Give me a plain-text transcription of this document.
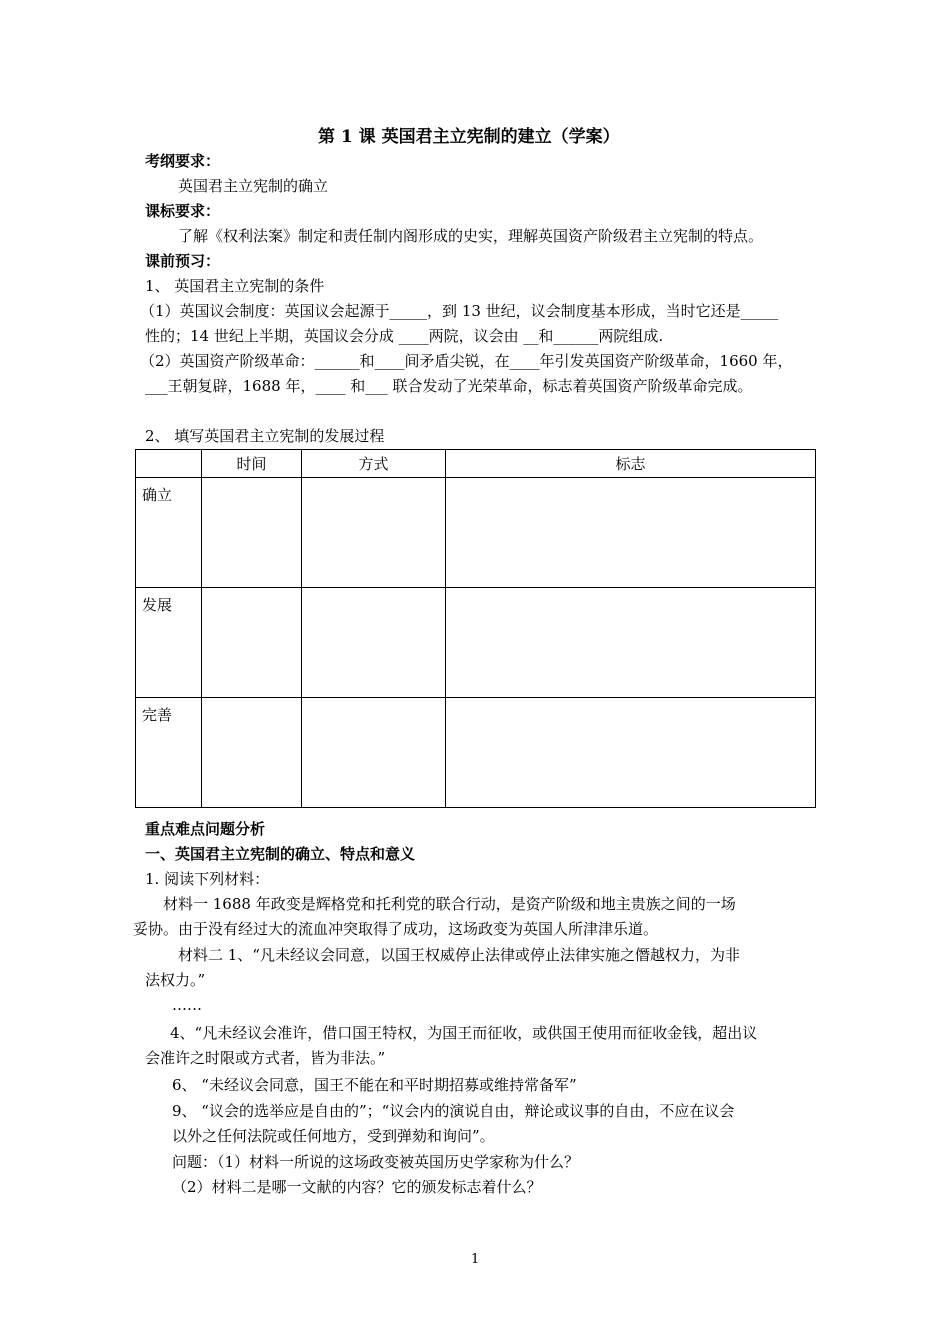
第 1 课 英国君主立宪制的建立（学案）
考纲要求：
英国君主立宪制的确立
课标要求：
了解《权利法案》制定和责任制内阁形成的史实，理解英国资产阶级君主立宪制的特点。
课前预习：
1、 英国君主立宪制的条件
（1）英国议会制度：英国议会起源于_____，到 13 世纪，议会制度基本形成，当时它还是_____
性的；14 世纪上半期，英国议会分成 ____两院，议会由 __和______两院组成.
（2）英国资产阶级革命：______和____间矛盾尖锐，在____年引发英国资产阶级革命，1660 年，
___王朝复辟，1688 年，____ 和___ 联合发动了光荣革命，标志着英国资产阶级革命完成。
2、 填写英国君主立宪制的发展过程
	时间	方式	标志
确立			
发展			
完善			
重点难点问题分析
一、英国君主立宪制的确立、特点和意义
1. 阅读下列材料：
材料一 1688 年政变是辉格党和托利党的联合行动，是资产阶级和地主贵族之间的一场
妥协。由于没有经过大的流血冲突取得了成功，这场政变为英国人所津津乐道。
材料二 1、“凡未经议会同意，以国王权威停止法律或停止法律实施之僭越权力，为非
法权力。”
……
4、“凡未经议会准许，借口国王特权，为国王而征收，或供国王使用而征收金钱，超出议
会准许之时限或方式者，皆为非法。”
6、 “未经议会同意，国王不能在和平时期招募或维持常备军”
9、 “议会的选举应是自由的”；“议会内的演说自由，辩论或议事的自由，不应在议会
以外之任何法院或任何地方，受到弹劾和询问”。
问题：（1）材料一所说的这场政变被英国历史学家称为什么？
（2）材料二是哪一文献的内容？它的颁发标志着什么？
1
